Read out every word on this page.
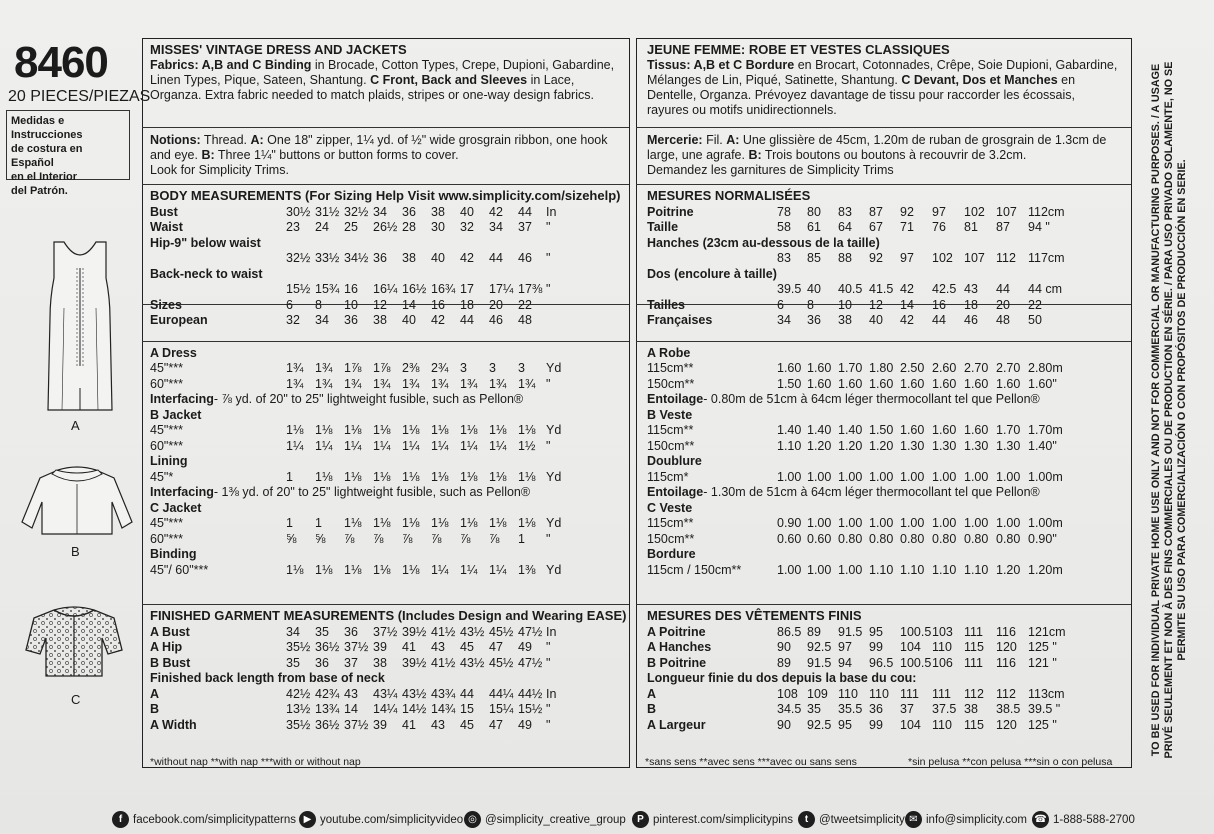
8460
20 PIECES/PIEZAS
Medidas e Instrucciones
de costura en Español
en el Interior
del Patrón.
A
B
C
MISSES' VINTAGE DRESS AND JACKETS
Fabrics: A,B and C Binding in Brocade, Cotton Types, Crepe, Dupioni, Gabardine,
Linen Types, Pique, Sateen, Shantung. C Front, Back and Sleeves in Lace,
Organza. Extra fabric needed to match plaids, stripes or one-way design fabrics.
Notions: Thread. A: One 18" zipper, 1¼ yd. of ½" wide grosgrain ribbon, one hook
and eye. B: Three 1¼" buttons or button forms to cover.
Look for Simplicity Trims.
BODY MEASUREMENTS (For Sizing Help Visit www.simplicity.com/sizehelp)
FINISHED GARMENT MEASUREMENTS (Includes Design and Wearing EASE)
Bust	30½	31½	32½	34	36	38	40	42	44	In
Waist	23	24	25	26½	28	30	32	34	37	"
Hip-9" below waist										
	32½	33½	34½	36	38	40	42	44	46	"
Back-neck to waist										
	15½	15¾	16	16¼	16½	16¾	17	17¼	17⅜	"
Sizes	6	8	10	12	14	16	18	20	22	
European	32	34	36	38	40	42	44	46	48	
A Dress										
45"***	1¾	1¾	1⅞	1⅞	2⅜	2¾	3	3	3	Yd
60"***	1¾	1¾	1¾	1¾	1¾	1¾	1¾	1¾	1¾	"
Interfacing- ⅞ yd. of 20" to 25" lightweight fusible, such as Pellon®										
B Jacket										
45"***	1⅛	1⅛	1⅛	1⅛	1⅛	1⅛	1⅛	1⅛	1⅛	Yd
60"***	1¼	1¼	1¼	1¼	1¼	1¼	1¼	1¼	1½	"
Lining										
45"*	1	1⅛	1⅛	1⅛	1⅛	1⅛	1⅛	1⅛	1⅛	Yd
Interfacing- 1⅜ yd. of 20" to 25" lightweight fusible, such as Pellon®										
C Jacket										
45"***	1	1	1⅛	1⅛	1⅛	1⅛	1⅛	1⅛	1⅛	Yd
60"***	⅝	⅝	⅞	⅞	⅞	⅞	⅞	⅞	1	"
Binding										
45"/ 60"***	1⅛	1⅛	1⅛	1⅛	1⅛	1¼	1¼	1¼	1⅜	Yd
A Bust	34	35	36	37½	39½	41½	43½	45½	47½	In
A Hip	35½	36½	37½	39	41	43	45	47	49	"
B Bust	35	36	37	38	39½	41½	43½	45½	47½	"
Finished back length from base of neck										
A	42½	42¾	43	43¼	43½	43¾	44	44¼	44½	In
B	13½	13¾	14	14¼	14½	14¾	15	15¼	15½	"
A Width	35½	36½	37½	39	41	43	45	47	49	"
*without nap **with nap ***with or without nap
JEUNE FEMME: ROBE ET VESTES CLASSIQUES
Tissus: A,B et C Bordure en Brocart, Cotonnades, Crêpe, Soie Dupioni, Gabardine,
Mélanges de Lin, Piqué, Satinette, Shantung. C Devant, Dos et Manches en
Dentelle, Organza. Prévoyez davantage de tissu pour raccorder les écossais,
rayures ou motifs unidirectionnels.
Mercerie: Fil. A: Une glissière de 45cm, 1.20m de ruban de grosgrain de 1.3cm de
large, une agrafe. B: Trois boutons ou boutons à recouvrir de 3.2cm.
Demandez les garnitures de Simplicity Trims
MESURES NORMALISÉES
MESURES DES VÊTEMENTS FINIS
Poitrine	78	80	83	87	92	97	102	107	112cm
Taille	58	61	64	67	71	76	81	87	94 "
Hanches (23cm au-dessous de la taille)									
	83	85	88	92	97	102	107	112	117cm
Dos (encolure à taille)									
	39.5	40	40.5	41.5	42	42.5	43	44	44 cm
Tailles	6	8	10	12	14	16	18	20	22
Françaises	34	36	38	40	42	44	46	48	50
A Robe									
115cm**	1.60	1.60	1.70	1.80	2.50	2.60	2.70	2.70	2.80m
150cm**	1.50	1.60	1.60	1.60	1.60	1.60	1.60	1.60	1.60"
Entoilage- 0.80m de 51cm à 64cm léger thermocollant tel que Pellon®									
B Veste									
115cm**	1.40	1.40	1.40	1.50	1.60	1.60	1.60	1.70	1.70m
150cm**	1.10	1.20	1.20	1.20	1.30	1.30	1.30	1.30	1.40"
Doublure									
115cm*	1.00	1.00	1.00	1.00	1.00	1.00	1.00	1.00	1.00m
Entoilage- 1.30m de 51cm à 64cm léger thermocollant tel que Pellon®									
C Veste									
115cm**	0.90	1.00	1.00	1.00	1.00	1.00	1.00	1.00	1.00m
150cm**	0.60	0.60	0.80	0.80	0.80	0.80	0.80	0.80	0.90"
Bordure									
115cm / 150cm**	1.00	1.00	1.00	1.10	1.10	1.10	1.10	1.20	1.20m
A Poitrine	86.5	89	91.5	95	100.5	103	111	116	121cm
A Hanches	90	92.5	97	99	104	110	115	120	125 "
B Poitrine	89	91.5	94	96.5	100.5	106	111	116	121 "
Longueur finie du dos depuis la base du cou:									
A	108	109	110	110	111	111	112	112	113cm
B	34.5	35	35.5	36	37	37.5	38	38.5	39.5 "
A Largeur	90	92.5	95	99	104	110	115	120	125 "
*sans sens **avec sens ***avec ou sans sens	*sin pelusa **con pelusa ***sin o con pelusa
TO BE USED FOR INDIVIDUAL PRIVATE HOME USE ONLY AND NOT FOR COMMERCIAL OR MANUFACTURING PURPOSES. / A USAGE PRIVÉ SEULEMENT ET NON À DES FINS COMMERCIALES OU DE PRODUCTION EN SÉRIE. / PARA USO PRIVADO SOLAMENTE, NO SE PERMITE SU USO PARA COMERCIALIZACIÓN O CON PROPÓSITOS DE PRODUCCIÓN EN SERIE.
f facebook.com/simplicitypatterns ▶ youtube.com/simplicityvideo ◎ @simplicity_creative_group	P pinterest.com/simplicitypins	t @tweetsimplicity ✉ info@simplicity.com ☎ 1-888-588-2700
